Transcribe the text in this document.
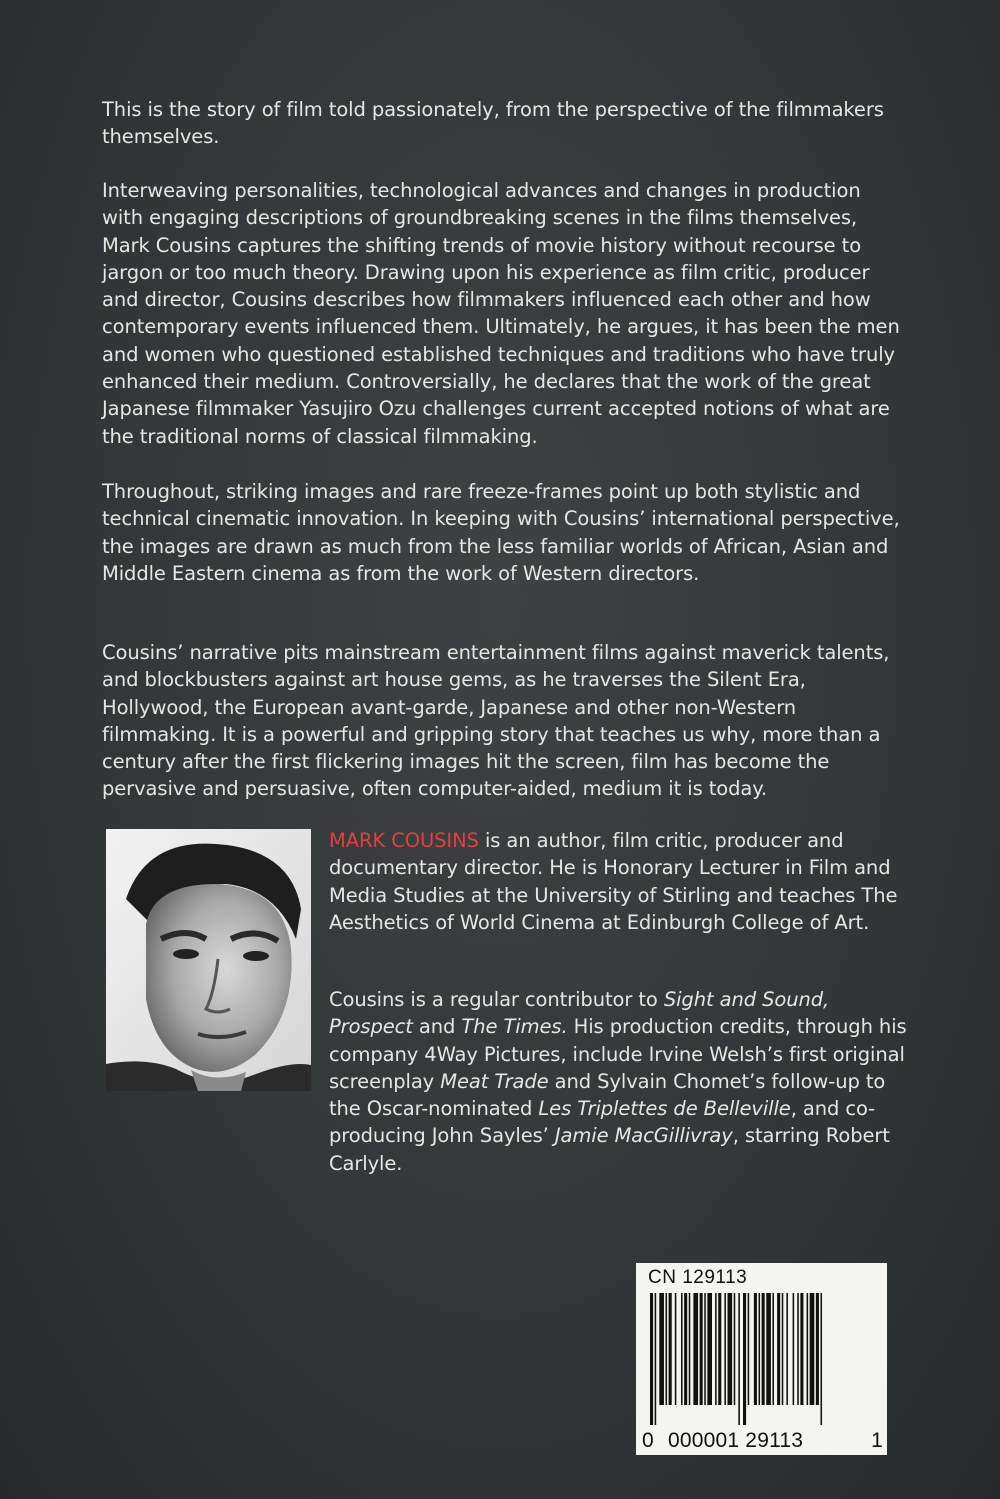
This is the story of film told passionately, from the perspective of the filmmakers themselves.
Interweaving personalities, technological advances and changes in production with engaging descriptions of groundbreaking scenes in the films themselves, Mark Cousins captures the shifting trends of movie history without recourse to jargon or too much theory. Drawing upon his experience as film critic, producer and director, Cousins describes how filmmakers influenced each other and how contemporary events influenced them. Ultimately, he argues, it has been the men and women who questioned established techniques and traditions who have truly enhanced their medium. Controversially, he declares that the work of the great Japanese filmmaker Yasujiro Ozu challenges current accepted notions of what are the traditional norms of classical filmmaking.
Throughout, striking images and rare freeze-frames point up both stylistic and technical cinematic innovation. In keeping with Cousins’ international perspective, the images are drawn as much from the less familiar worlds of African, Asian and Middle Eastern cinema as from the work of Western directors.
Cousins’ narrative pits mainstream entertainment films against maverick talents, and blockbusters against art house gems, as he traverses the Silent Era, Hollywood, the European avant-garde, Japanese and other non-Western filmmaking. It is a powerful and gripping story that teaches us why, more than a century after the first flickering images hit the screen, film has become the pervasive and persuasive, often computer-aided, medium it is today.
MARK COUSINS is an author, film critic, producer and documentary director. He is Honorary Lecturer in Film and Media Studies at the University of Stirling and teaches The Aesthetics of World Cinema at Edinburgh College of Art.
Cousins is a regular contributor to Sight and Sound, Prospect and The Times. His production credits, through his company 4Way Pictures, include Irvine Welsh’s first original screenplay Meat Trade and Sylvain Chomet’s follow-up to the Oscar-nominated Les Triplettes de Belleville, and co-producing John Sayles’ Jamie MacGillivray, starring Robert Carlyle.
CN 129113
0 000001 29113	1
